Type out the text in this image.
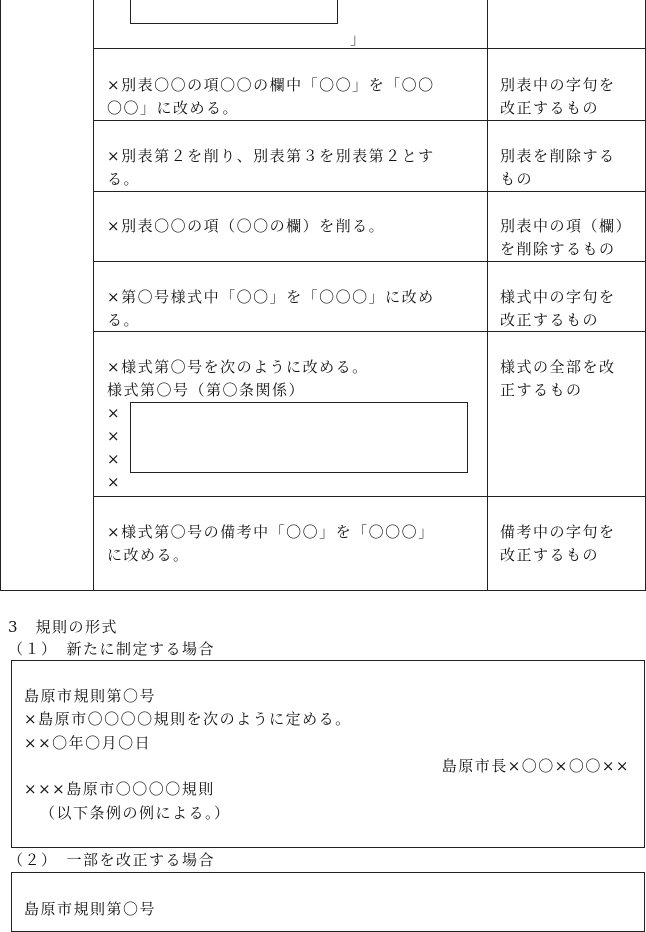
」
×別表〇〇の項〇〇の欄中「〇〇」を「〇〇
〇〇」に改める。
別表中の字句を
改正するもの
×別表第２を削り、別表第３を別表第２とす
る。
別表を削除する
もの
×別表〇〇の項（〇〇の欄）を削る。	別表中の項（欄）
を削除するもの
×第〇号様式中「〇〇」を「〇〇〇」に改め
る。
様式中の字句を
改正するもの
×様式第〇号を次のように改める。
様式第〇号（第〇条関係）
×
×
×
×
様式の全部を改
正するもの
×様式第〇号の備考中「〇〇」を「〇〇〇」
に改める。
備考中の字句を
改正するもの
3　規則の形式
（１）　新たに制定する場合
島原市規則第〇号
×島原市〇〇〇〇規則を次のように定める。
××〇年〇月〇日
島原市長×〇〇×〇〇××
×××島原市〇〇〇〇規則
（以下条例の例による。）
（２）　一部を改正する場合
島原市規則第〇号
